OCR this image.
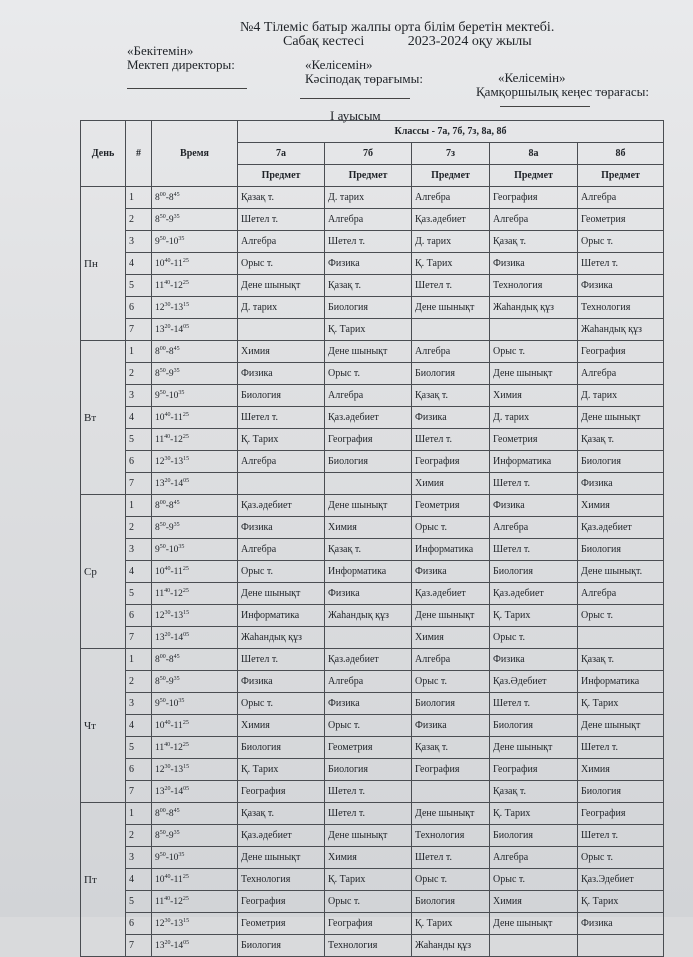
№4 Тілеміс батыр жалпы орта білім беретін мектебі.
Сабақ кестесі	2023-2024 оқу жылы
«Бекітемін»
Мектеп директоры:	«Келісемін»
Кәсіподақ төрағымы:	«Келісемін»
Қамқоршылық кеңес төрағасы:
I ауысым
День	#	Время	Классы - 7а, 7б, 7з, 8а, 8б				
			7а	7б	7з	8а	8б
			Предмет	Предмет	Предмет	Предмет	Предмет
Пн	1	$8^{00}-8^{45}$	Қазақ т.	Д. тарих	Алгебра	География	Алгебра
	2	$8^{50}-9^{35}$	Шетел т.	Алгебра	Қаз.әдебиет	Алгебра	Геометрия
	3	$9^{50}-10^{35}$	Алгебра	Шетел т.	Д. тарих	Қазақ т.	Орыс т.
	4	$10^{40}-11^{25}$	Орыс т.	Физика	Қ. Тарих	Физика	Шетел т.
	5	$11^{40}-12^{25}$	Дене шынықт	Қазақ т.	Шетел т.	Технология	Физика
	6	$12^{30}-13^{15}$	Д. тарих	Биология	Дене шынықт	Жаһандық құз	Технология
	7	$13^{20}-14^{05}$		Қ. Тарих			Жаһандық құз
Вт	1	$8^{00}-8^{45}$	Химия	Дене шынықт	Алгебра	Орыс т.	География
	2	$8^{50}-9^{35}$	Физика	Орыс т.	Биология	Дене шынықт	Алгебра
	3	$9^{50}-10^{35}$	Биология	Алгебра	Қазақ т.	Химия	Д. тарих
	4	$10^{40}-11^{25}$	Шетел т.	Қаз.әдебиет	Физика	Д. тарих	Дене шынықт
	5	$11^{40}-12^{25}$	Қ. Тарих	География	Шетел т.	Геометрия	Қазақ т.
	6	$12^{30}-13^{15}$	Алгебра	Биология	География	Информатика	Биология
	7	$13^{20}-14^{05}$			Химия	Шетел т.	Физика
Ср	1	$8^{00}-8^{45}$	Қаз.әдебиет	Дене шынықт	Геометрия	Физика	Химия
	2	$8^{50}-9^{35}$	Физика	Химия	Орыс т.	Алгебра	Қаз.әдебиет
	3	$9^{50}-10^{35}$	Алгебра	Қазақ т.	Информатика	Шетел т.	Биология
	4	$10^{40}-11^{25}$	Орыс т.	Информатика	Физика	Биология	Дене шынықт.
	5	$11^{40}-12^{25}$	Дене шынықт	Физика	Қаз.әдебиет	Қаз.әдебиет	Алгебра
	6	$12^{30}-13^{15}$	Информатика	Жаһандық құз	Дене шынықт	Қ. Тарих	Орыс т.
	7	$13^{20}-14^{05}$	Жаһандық құз		Химия	Орыс т.	
Чт	1	$8^{00}-8^{45}$	Шетел т.	Қаз.әдебиет	Алгебра	Физика	Қазақ т.
	2	$8^{50}-9^{35}$	Физика	Алгебра	Орыс т.	Қаз.Әдебиет	Информатика
	3	$9^{50}-10^{35}$	Орыс т.	Физика	Биология	Шетел т.	Қ. Тарих
	4	$10^{40}-11^{25}$	Химия	Орыс т.	Физика	Биология	Дене шынықт
	5	$11^{40}-12^{25}$	Биология	Геометрия	Қазақ т.	Дене шынықт	Шетел т.
	6	$12^{30}-13^{15}$	Қ. Тарих	Биология	География	География	Химия
	7	$13^{20}-14^{05}$	География	Шетел т.		Қазақ т.	Биология
Пт	1	$8^{00}-8^{45}$	Қазақ т.	Шетел т.	Дене шынықт	Қ. Тарих	География
	2	$8^{50}-9^{35}$	Қаз.әдебиет	Дене шынықт	Технология	Биология	Шетел т.
	3	$9^{50}-10^{35}$	Дене шынықт	Химия	Шетел т.	Алгебра	Орыс т.
	4	$10^{40}-11^{25}$	Технология	Қ. Тарих	Орыс т.	Орыс т.	Қаз.Эдебиет
	5	$11^{40}-12^{25}$	География	Орыс т.	Биология	Химия	Қ. Тарих
	6	$12^{30}-13^{15}$	Геометрия	География	Қ. Тарих	Дене шынықт	Физика
	7	$13^{20}-14^{05}$	Биология	Технология	Жаһанды құз		
